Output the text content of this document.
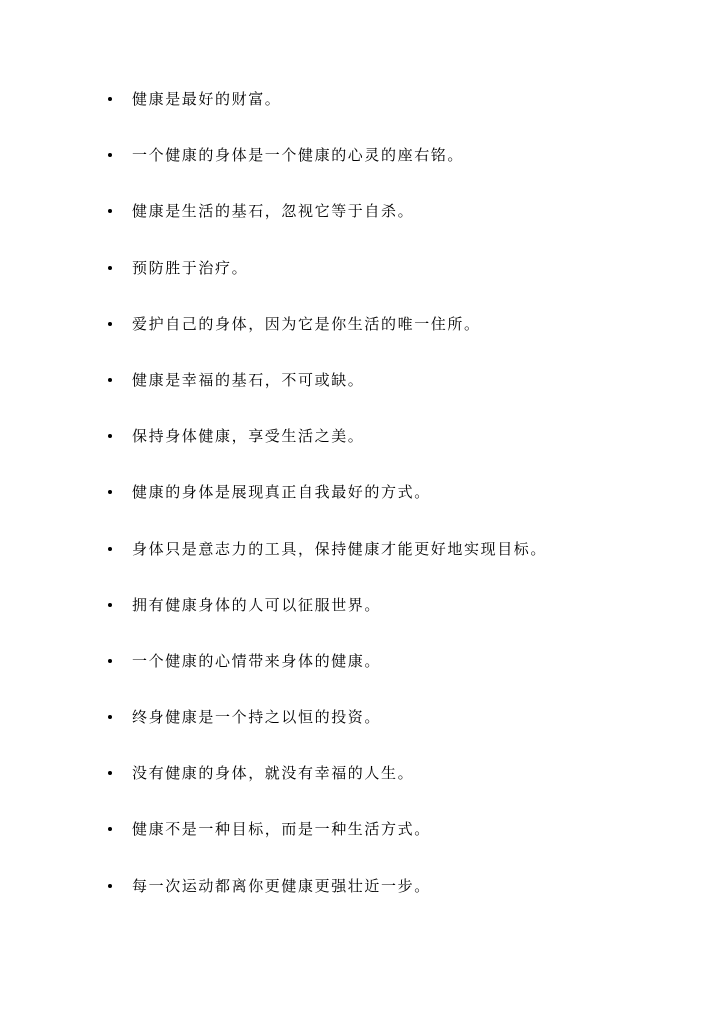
健康是最好的财富。
一个健康的身体是一个健康的心灵的座右铭。
健康是生活的基石，忽视它等于自杀。
预防胜于治疗。
爱护自己的身体，因为它是你生活的唯一住所。
健康是幸福的基石，不可或缺。
保持身体健康，享受生活之美。
健康的身体是展现真正自我最好的方式。
身体只是意志力的工具，保持健康才能更好地实现目标。
拥有健康身体的人可以征服世界。
一个健康的心情带来身体的健康。
终身健康是一个持之以恒的投资。
没有健康的身体，就没有幸福的人生。
健康不是一种目标，而是一种生活方式。
每一次运动都离你更健康更强壮近一步。
